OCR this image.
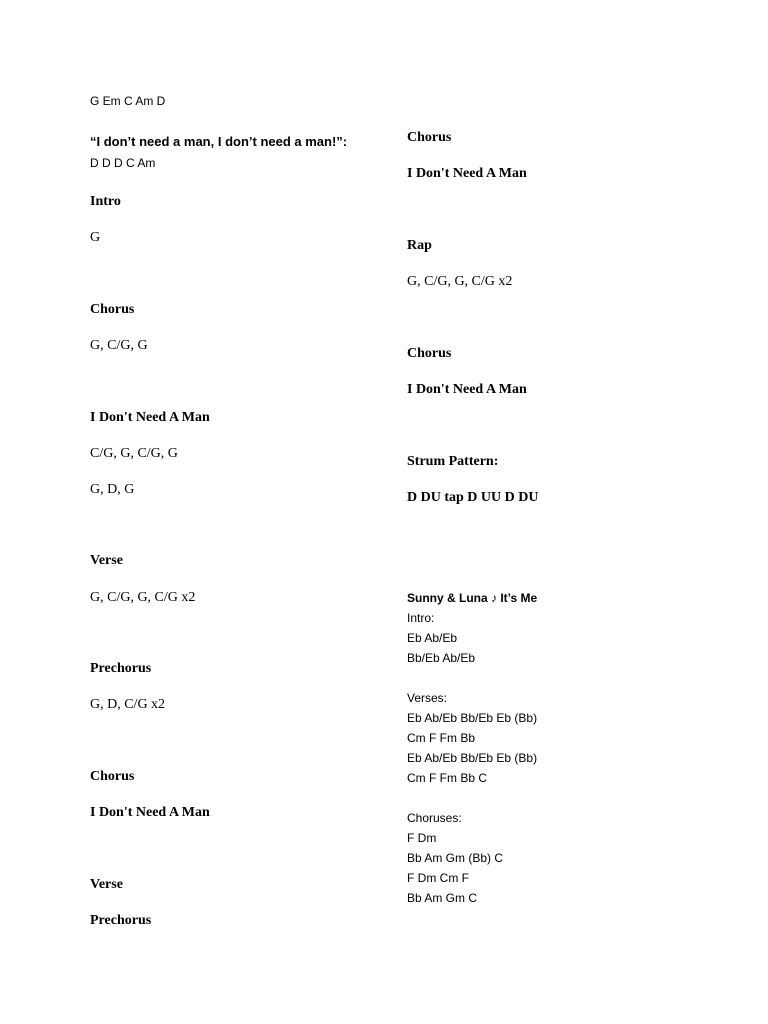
G Em C Am D
“I don’t need a man, I don’t need a man!”:
D D D C Am
Intro
G
Chorus
G, C/G, G
I Don't Need A Man
C/G, G, C/G, G
G, D, G
Verse
G, C/G, G, C/G x2
Prechorus
G, D, C/G x2
Chorus
I Don't Need A Man
Verse
Prechorus
Chorus
I Don't Need A Man
Rap
G, C/G, G, C/G x2
Chorus
I Don't Need A Man
Strum Pattern:
D DU tap D UU D DU
Sunny & Luna ♪ It’s Me
Intro:
Eb Ab/Eb
Bb/Eb Ab/Eb
Verses:
Eb Ab/Eb Bb/Eb Eb (Bb)
Cm F Fm Bb
Eb Ab/Eb Bb/Eb Eb (Bb)
Cm F Fm Bb C
Choruses:
F Dm
Bb Am Gm (Bb) C
F Dm Cm F
Bb Am Gm C
